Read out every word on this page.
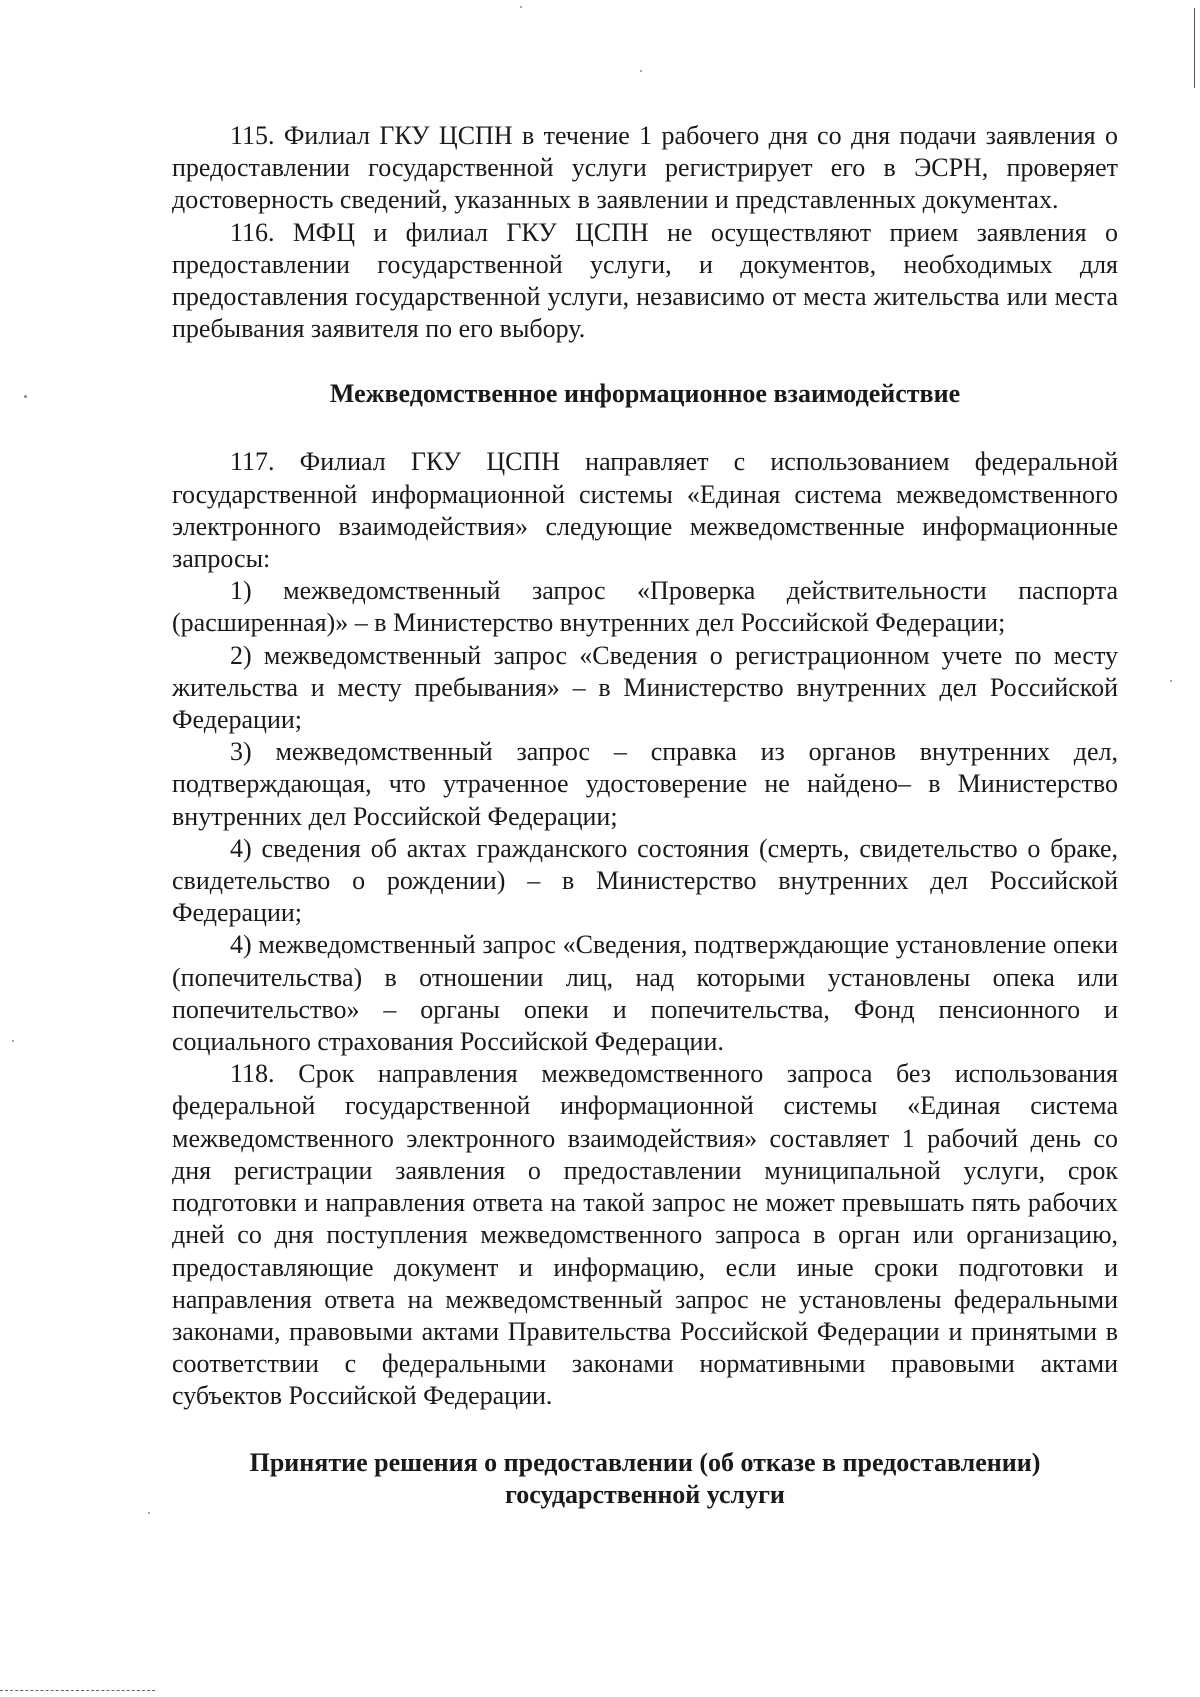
115. Филиал ГКУ ЦСПН в течение 1 рабочего дня со дня подачи заявления о предоставлении государственной услуги регистрирует его в ЭСРН, проверяет достоверность сведений, указанных в заявлении и представленных документах.

116. МФЦ и филиал ГКУ ЦСПН не осуществляют прием заявления о предоставлении государственной услуги, и документов, необходимых для предоставления государственной услуги, независимо от места жительства или места пребывания заявителя по его выбору.

Межведомственное информационное взаимодействие

117. Филиал ГКУ ЦСПН направляет с использованием федеральной государственной информационной системы «Единая система межведомственного электронного взаимодействия» следующие межведомственные информационные запросы:

1) межведомственный запрос «Проверка действительности паспорта (расширенная)» – в Министерство внутренних дел Российской Федерации;

2) межведомственный запрос «Сведения о регистрационном учете по месту жительства и месту пребывания» – в Министерство внутренних дел Российской Федерации;

3) межведомственный запрос – справка из органов внутренних дел, подтверждающая, что утраченное удостоверение не найдено– в Министерство внутренних дел Российской Федерации;

4) сведения об актах гражданского состояния (смерть, свидетельство о браке, свидетельство о рождении) – в Министерство внутренних дел Российской Федерации;

4) межведомственный запрос «Сведения, подтверждающие установление опеки (попечительства) в отношении лиц, над которыми установлены опека или попечительство» – органы опеки и попечительства, Фонд пенсионного и социального страхования Российской Федерации.

118. Срок направления межведомственного запроса без использования федеральной государственной информационной системы «Единая система межведомственного электронного взаимодействия» составляет 1 рабочий день со дня регистрации заявления о предоставлении муниципальной услуги, срок подготовки и направления ответа на такой запрос не может превышать пять рабочих дней со дня поступления межведомственного запроса в орган или организацию, предоставляющие документ и информацию, если иные сроки подготовки и направления ответа на межведомственный запрос не установлены федеральными законами, правовыми актами Правительства Российской Федерации и принятыми в соответствии с федеральными законами нормативными правовыми актами субъектов Российской Федерации.

Принятие решения о предоставлении (об отказе в предоставлении)
государственной услуги
